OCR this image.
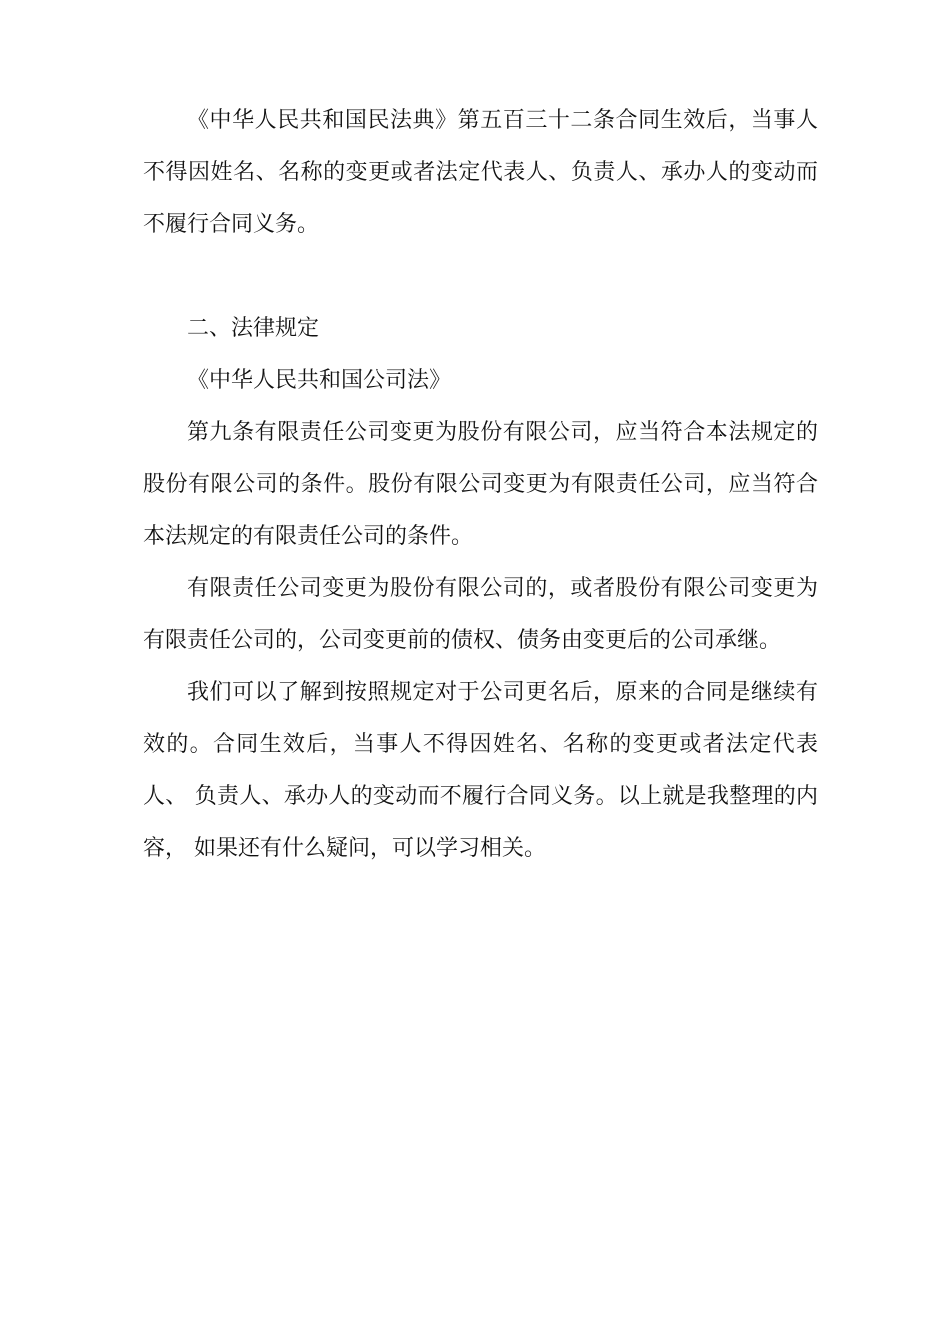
《中华人民共和国民法典》第五百三十二条合同生效后，当事人不得因姓名、名称的变更或者法定代表人、负责人、承办人的变动而不履行合同义务。

二、法律规定

《中华人民共和国公司法》

第九条有限责任公司变更为股份有限公司，应当符合本法规定的股份有限公司的条件。股份有限公司变更为有限责任公司，应当符合本法规定的有限责任公司的条件。

有限责任公司变更为股份有限公司的，或者股份有限公司变更为有限责任公司的，公司变更前的债权、债务由变更后的公司承继。

我们可以了解到按照规定对于公司更名后，原来的合同是继续有效的。合同生效后，当事人不得因姓名、名称的变更或者法定代表人、 负责人、承办人的变动而不履行合同义务。以上就是我整理的内容， 如果还有什么疑问，可以学习相关。
